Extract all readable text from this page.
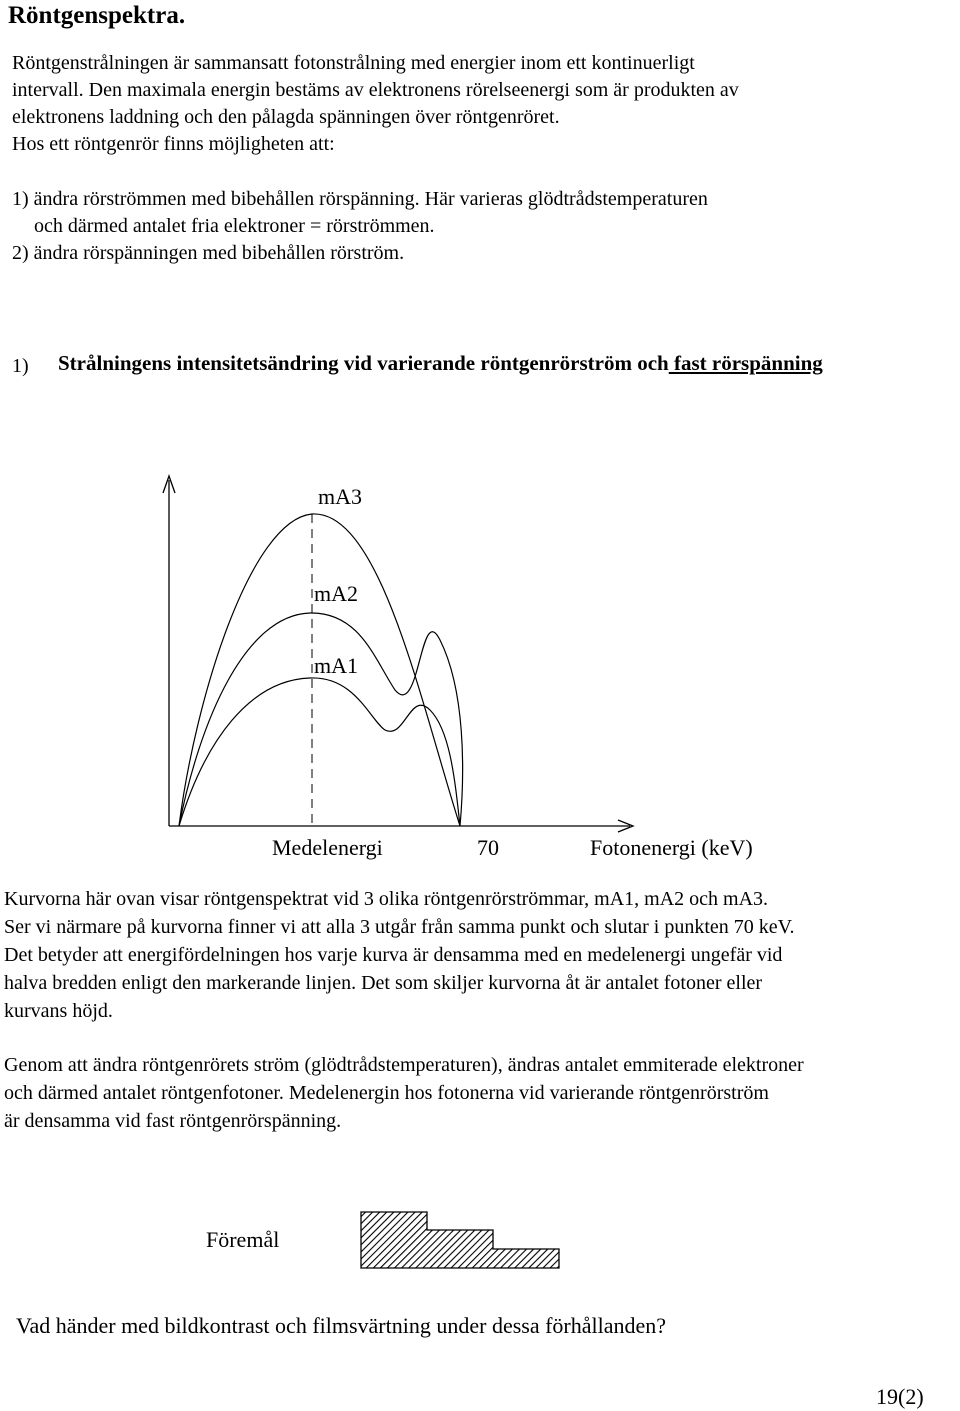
Röntgenspektra.
Röntgenstrålningen är sammansatt fotonstrålning med energier inom ett kontinuerligt
intervall. Den maximala energin bestäms av elektronens rörelseenergi som är produkten av
elektronens laddning och den pålagda spänningen över röntgenröret.
Hos ett röntgenrör finns möjligheten att:
1) ändra rörströmmen med bibehållen rörspänning. Här varieras glödtrådstemperaturen
och därmed antalet fria elektroner = rörströmmen.
2) ändra rörspänningen med bibehållen rörström.
1) Strålningens intensitetsändring vid varierande röntgenrörström och fast rörspänning
mA3
mA2
mA1
Medelenergi	70	Fotonenergi (keV)
Kurvorna här ovan visar röntgenspektrat vid 3 olika röntgenrörströmmar, mA1, mA2 och mA3.
Ser vi närmare på kurvorna finner vi att alla 3 utgår från samma punkt och slutar i punkten 70 keV.
Det betyder att energifördelningen hos varje kurva är densamma med en medelenergi ungefär vid
halva bredden enligt den markerande linjen. Det som skiljer kurvorna åt är antalet fotoner eller
kurvans höjd.
Genom att ändra röntgenrörets ström (glödtrådstemperaturen), ändras antalet emmiterade elektroner
och därmed antalet röntgenfotoner. Medelenergin hos fotonerna vid varierande röntgenrörström
är densamma vid fast röntgenrörspänning.
Föremål
Vad händer med bildkontrast och filmsvärtning under dessa förhållanden?
19(2)
